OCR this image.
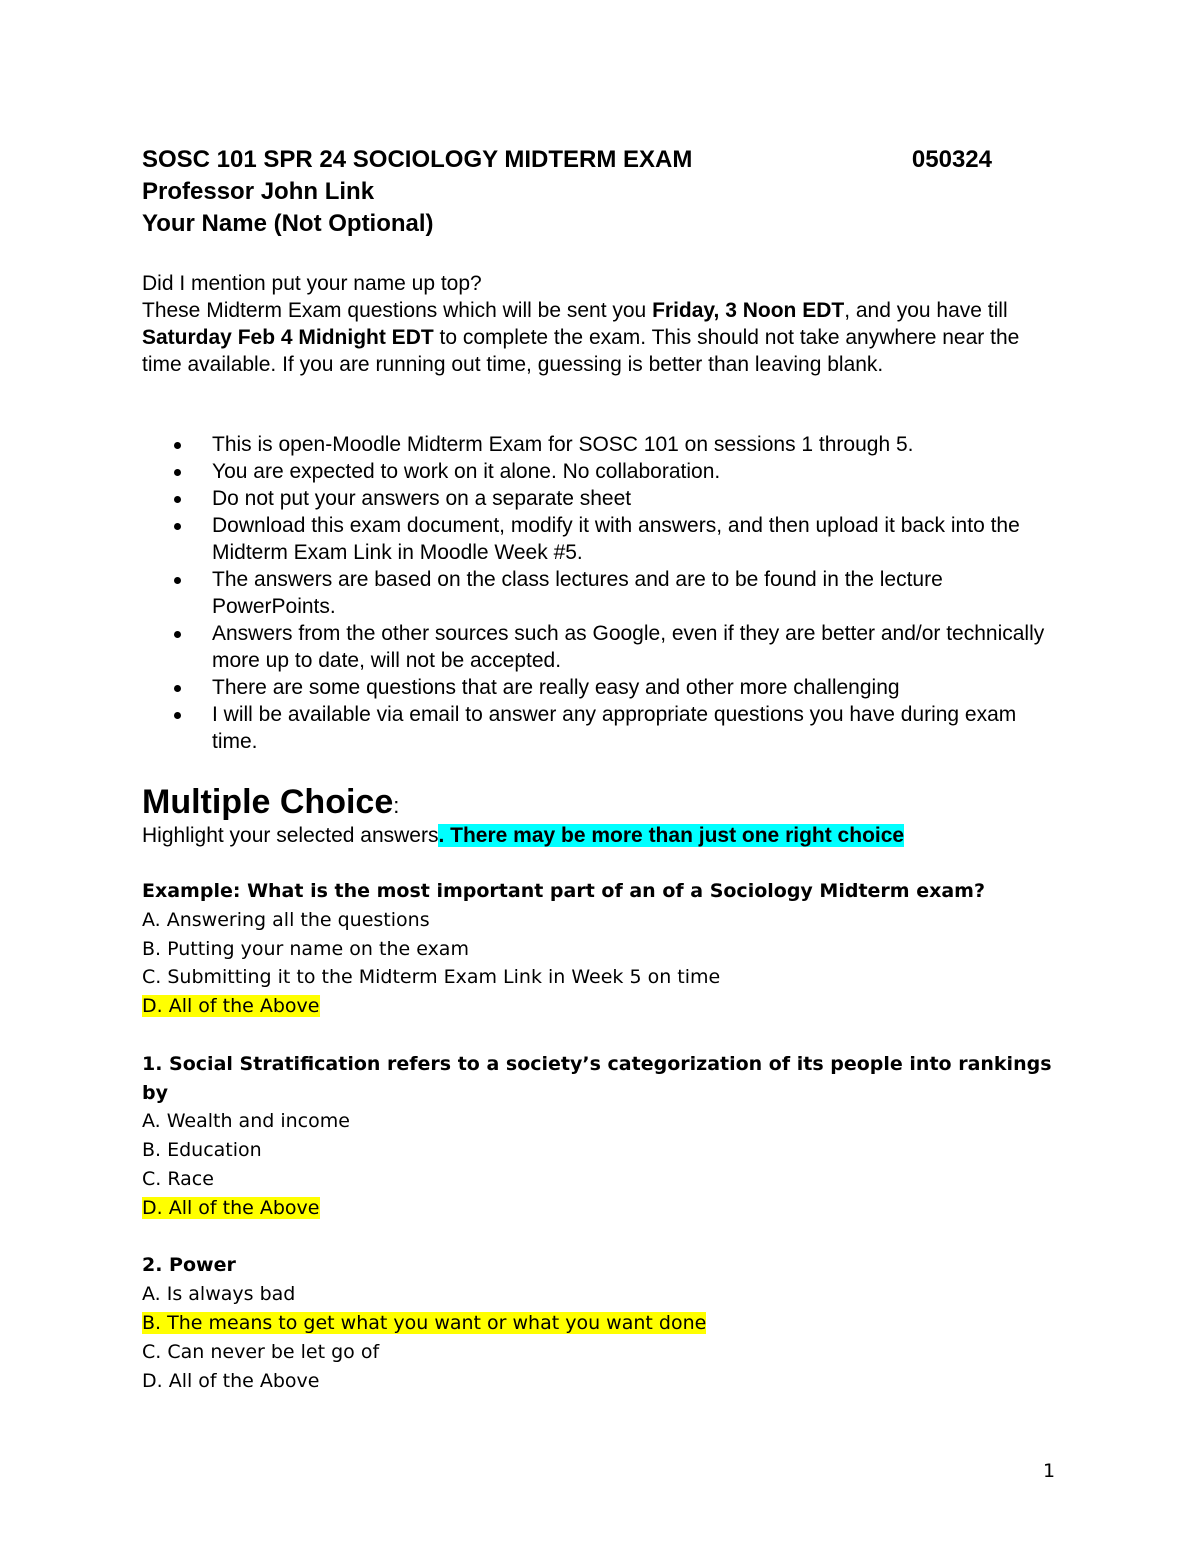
SOSC 101 SPR 24 SOCIOLOGY MIDTERM EXAM	050324
Professor John Link
Your Name (Not Optional)

Did I mention put your name up top?

These Midterm Exam questions which will be sent you Friday, 3 Noon EDT, and you have till Saturday Feb 4 Midnight EDT to complete the exam. This should not take anywhere near the time available. If you are running out time, guessing is better than leaving blank.

This is open-Moodle Midterm Exam for SOSC 101 on sessions 1 through 5.
You are expected to work on it alone. No collaboration.
Do not put your answers on a separate sheet
Download this exam document, modify it with answers, and then upload it back into the Midterm Exam Link in Moodle Week #5.
The answers are based on the class lectures and are to be found in the lecture PowerPoints.
Answers from the other sources such as Google, even if they are better and/or technically more up to date, will not be accepted.
There are some questions that are really easy and other more challenging
I will be available via email to answer any appropriate questions you have during exam time.
Multiple Choice:
Highlight your selected answers. There may be more than just one right choice
Example: What is the most important part of an of a Sociology Midterm exam?
A. Answering all the questions
B. Putting your name on the exam
C. Submitting it to the Midterm Exam Link in Week 5 on time
D. All of the Above
1. Social Stratification refers to a society’s categorization of its people into rankings by
A. Wealth and income
B. Education
C. Race
D. All of the Above
2. Power
A. Is always bad
B. The means to get what you want or what you want done
C. Can never be let go of
D. All of the Above
1
